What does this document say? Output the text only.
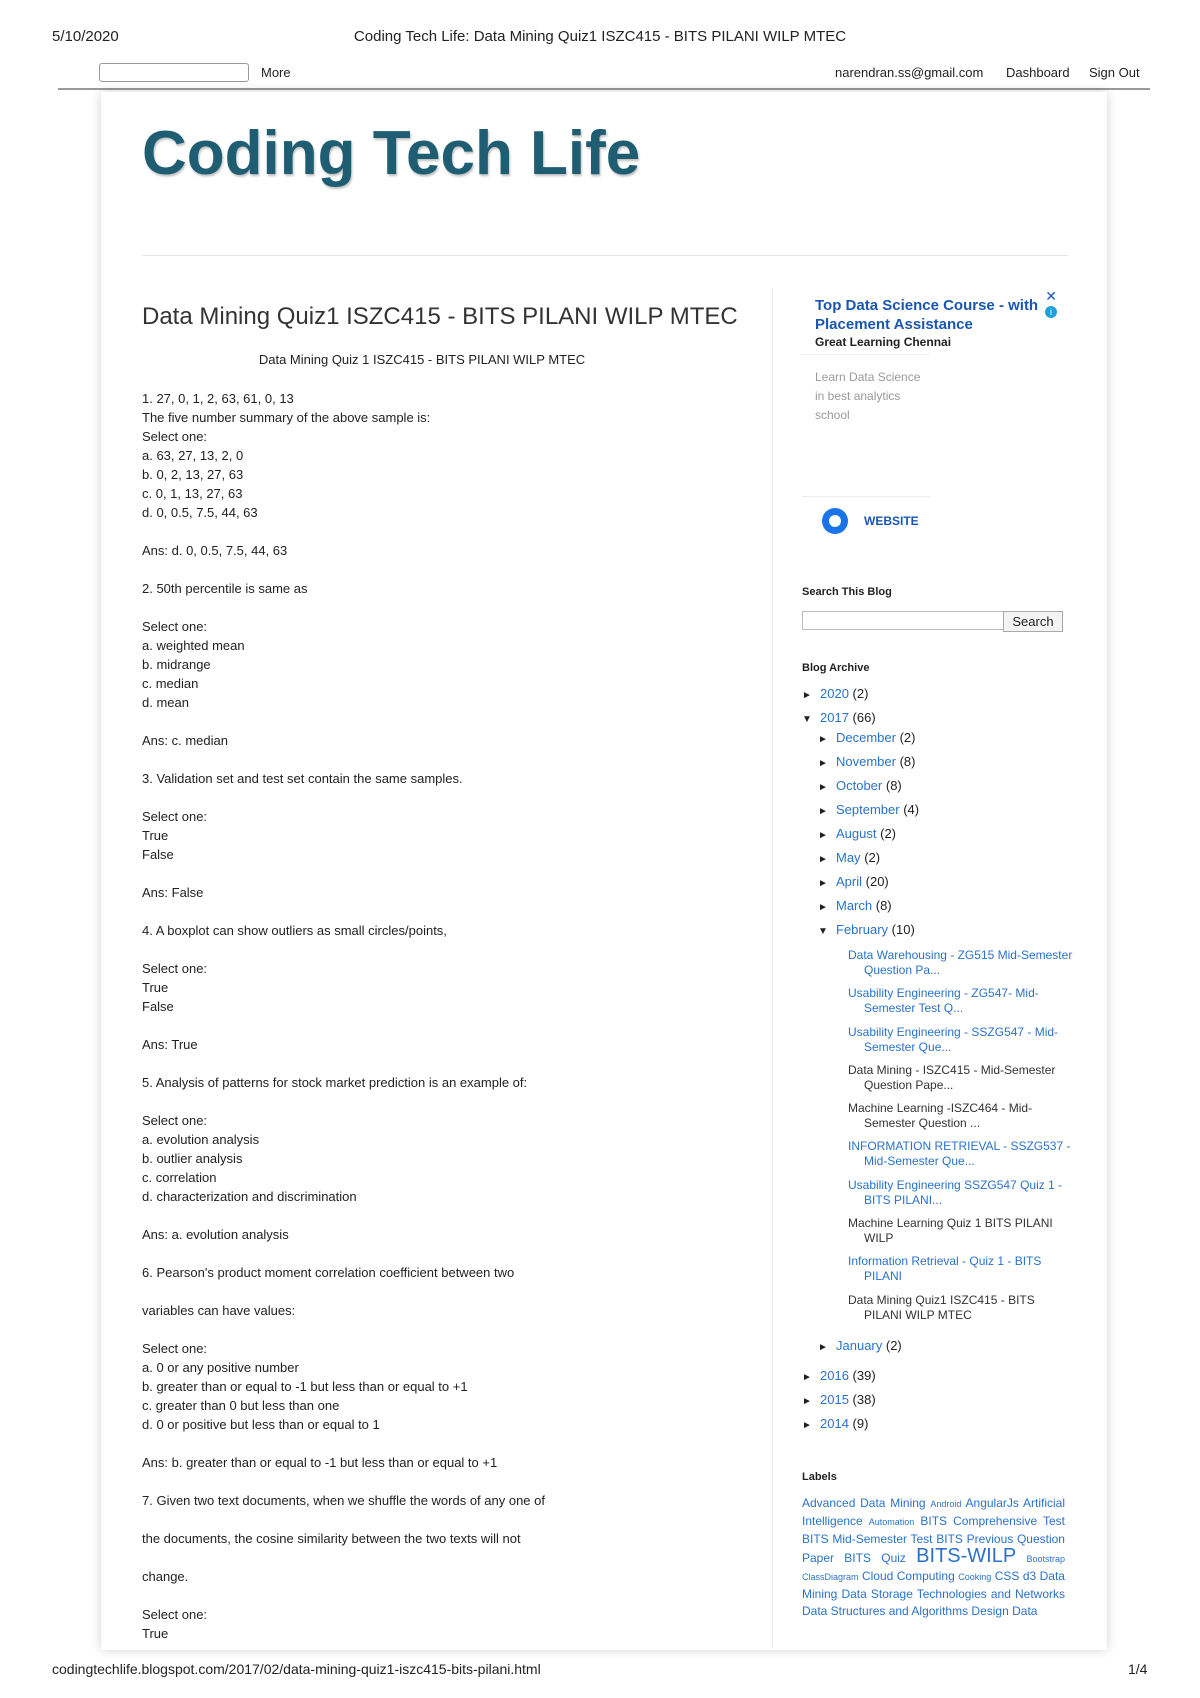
5/10/2020	Coding Tech Life: Data Mining Quiz1 ISZC415 - BITS PILANI WILP MTEC
More	narendran.ss@gmail.com Dashboard Sign Out
Coding Tech Life
Data Mining Quiz1 ISZC415 - BITS PILANI WILP MTEC
Data Mining Quiz 1 ISZC415 - BITS PILANI WILP MTEC
1. 27, 0, 1, 2, 63, 61, 0, 13
The five number summary of the above sample is:
Select one:
a. 63, 27, 13, 2, 0
b. 0, 2, 13, 27, 63
c. 0, 1, 13, 27, 63
d. 0, 0.5, 7.5, 44, 63
Ans: d. 0, 0.5, 7.5, 44, 63
2. 50th percentile is same as
Select one:
a. weighted mean
b. midrange
c. median
d. mean
Ans: c. median
3. Validation set and test set contain the same samples.
Select one:
True
False
Ans: False
4. A boxplot can show outliers as small circles/points,
Select one:
True
False
Ans: True
5. Analysis of patterns for stock market prediction is an example of:
Select one:
a. evolution analysis
b. outlier analysis
c. correlation
d. characterization and discrimination
Ans: a. evolution analysis
6. Pearson's product moment correlation coefficient between two
variables can have values:
Select one:
a. 0 or any positive number
b. greater than or equal to -1 but less than or equal to +1
c. greater than 0 but less than one
d. 0 or positive but less than or equal to 1
Ans: b. greater than or equal to -1 but less than or equal to +1
7. Given two text documents, when we shuffle the words of any one of
the documents, the cosine similarity between the two texts will not
change.
Select one:
True
Top Data Science Course - with Placement Assistance
✕
i
Great Learning Chennai
Learn Data Science in best analytics school
WEBSITE
Search This Blog
Search
Blog Archive
► 2020 (2)
▼ 2017 (66)
► December (2)
► November (8)
► October (8)
► September (4)
► August (2)
► May (2)
► April (20)
► March (8)
▼ February (10)
Data Warehousing - ZG515 Mid-Semester Question Pa...
Usability Engineering - ZG547- Mid-Semester Test Q...
Usability Engineering - SSZG547 - Mid-Semester Que...
Data Mining - ISZC415 - Mid-Semester Question Pape...
Machine Learning -ISZC464 - Mid-Semester Question ...
INFORMATION RETRIEVAL - SSZG537 - Mid-Semester Que...
Usability Engineering SSZG547 Quiz 1 - BITS PILANI...
Machine Learning Quiz 1 BITS PILANI WILP
Information Retrieval - Quiz 1 - BITS PILANI
Data Mining Quiz1 ISZC415 - BITS PILANI WILP MTEC
► January (2)
► 2016 (39)
► 2015 (38)
► 2014 (9)
Labels
Advanced Data Mining Android AngularJs Artificial Intelligence Automation BITS Comprehensive Test BITS Mid-Semester Test BITS Previous Question Paper BITS Quiz BITS-WILP Bootstrap ClassDiagram Cloud Computing Cooking CSS d3 Data Mining Data Storage Technologies and Networks Data Structures and Algorithms Design Data
codingtechlife.blogspot.com/2017/02/data-mining-quiz1-iszc415-bits-pilani.html	1/4
